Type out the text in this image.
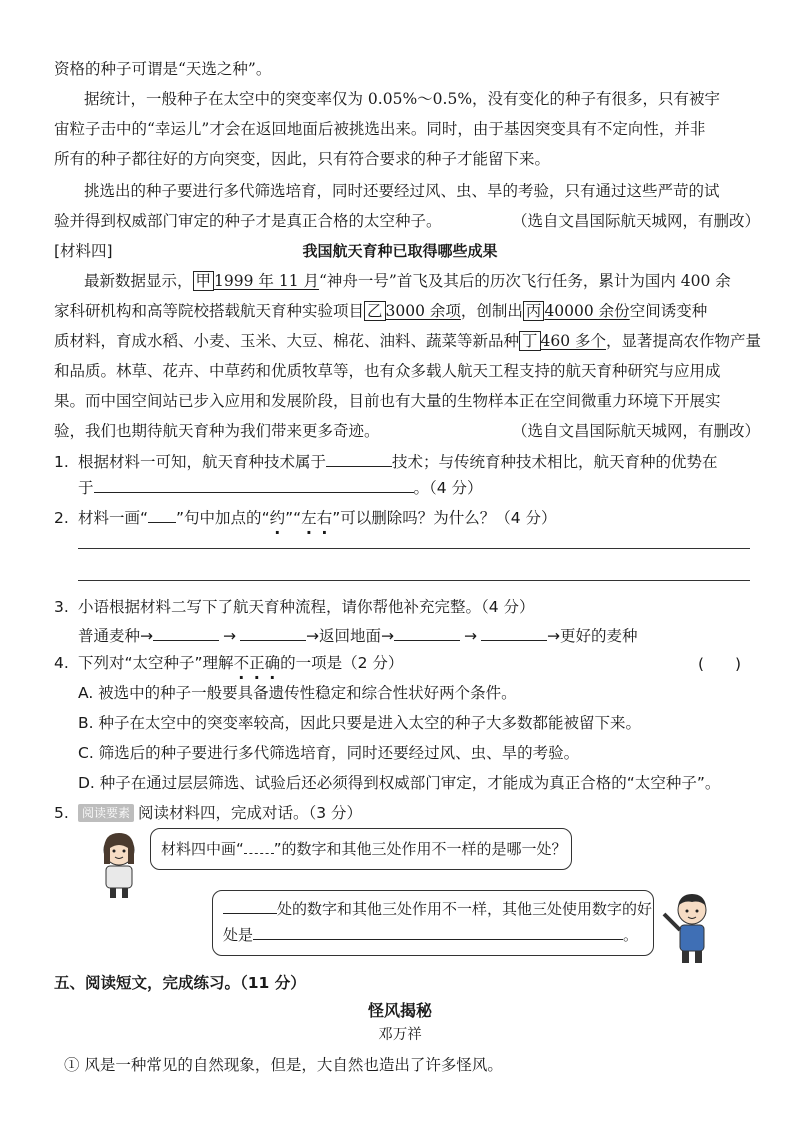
资格的种子可谓是“天选之种”。
据统计，一般种子在太空中的突变率仅为 0.05%～0.5%，没有变化的种子有很多，只有被宇
宙粒子击中的“幸运儿”才会在返回地面后被挑选出来。同时，由于基因突变具有不定向性，并非
所有的种子都往好的方向突变，因此，只有符合要求的种子才能留下来。
挑选出的种子要进行多代筛选培育，同时还要经过风、虫、旱的考验，只有通过这些严苛的试
验并得到权威部门审定的种子才是真正合格的太空种子。	（选自文昌国际航天城网，有删改）
[材料四]	我国航天育种已取得哪些成果
最新数据显示， 甲 1999 年 11 月“神舟一号”首飞及其后的历次飞行任务，累计为国内 400 余
家科研机构和高等院校搭载航天育种实验项目 乙 3000 余项，创制出 丙 40000 余份空间诱变种
质材料，育成水稻、小麦、玉米、大豆、棉花、油料、蔬菜等新品种 丁 460 多个，显著提高农作物产量
和品质。林草、花卉、中草药和优质牧草等，也有众多载人航天工程支持的航天育种研究与应用成
果。而中国空间站已步入应用和发展阶段，目前也有大量的生物样本正在空间微重力环境下开展实
验，我们也期待航天育种为我们带来更多奇迹。	（选自文昌国际航天城网，有删改）
1. 根据材料一可知，航天育种技术属于	技术；与传统育种技术相比，航天育种的优势在
于	。（4 分）
2. 材料一画“ ”句中加点的“约”“左右”可以删除吗？为什么？（4 分）
3. 小语根据材料二写下了航天育种流程，请你帮他补充完整。（4 分）
普通麦种→	→	→返回地面→	→	→更好的麦种
4. 下列对“太空种子”理解不正确的一项是（2 分）	(　　)
A. 被选中的种子一般要具备遗传性稳定和综合性状好两个条件。
B. 种子在太空中的突变率较高，因此只要是进入太空的种子大多数都能被留下来。
C. 筛选后的种子要进行多代筛选培育，同时还要经过风、虫、旱的考验。
D. 种子在通过层层筛选、试验后还必须得到权威部门审定，才能成为真正合格的“太空种子”。
5. 阅读要素 阅读材料四，完成对话。（3 分）
材料四中画“ ”的数字和其他三处作用不一样的是哪一处？
处的数字和其他三处作用不一样，其他三处使用数字的好
处是	。
五、阅读短文，完成练习。（11 分）
怪风揭秘
邓万祥
① 风是一种常见的自然现象，但是，大自然也造出了许多怪风。
